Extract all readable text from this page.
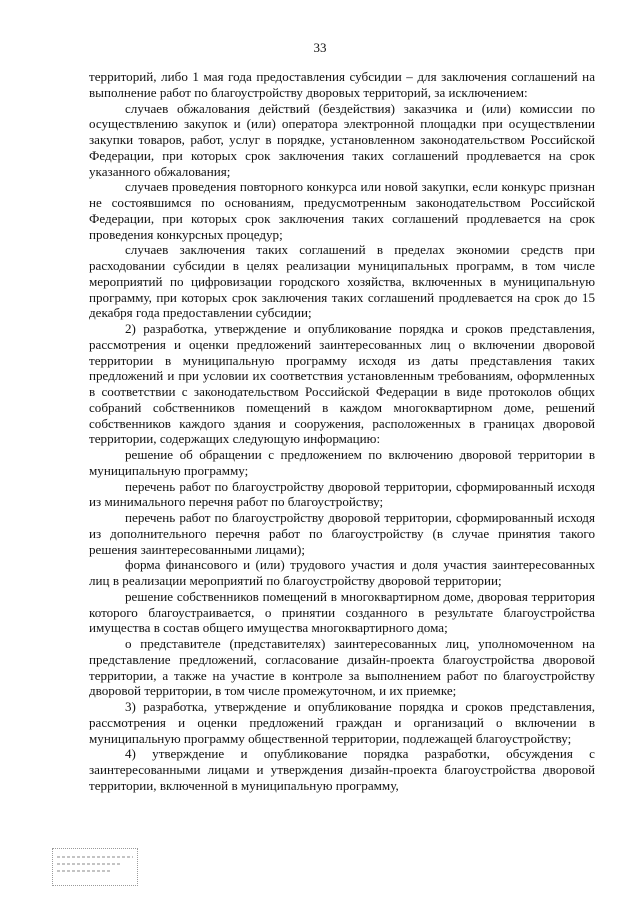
33

территорий, либо 1 мая года предоставления субсидии – для заключения соглашений на выполнение работ по благоустройству дворовых территорий, за исключением:

случаев обжалования действий (бездействия) заказчика и (или) комиссии по осуществлению закупок и (или) оператора электронной площадки при осуществлении закупки товаров, работ, услуг в порядке, установленном законодательством Российской Федерации, при которых срок заключения таких соглашений продлевается на срок указанного обжалования;

случаев проведения повторного конкурса или новой закупки, если конкурс признан не состоявшимся по основаниям, предусмотренным законодательством Российской Федерации, при которых срок заключения таких соглашений продлевается на срок проведения конкурсных процедур;

случаев заключения таких соглашений в пределах экономии средств при расходовании субсидии в целях реализации муниципальных программ, в том числе мероприятий по цифровизации городского хозяйства, включенных в муниципальную программу, при которых срок заключения таких соглашений продлевается на срок до 15 декабря года предоставлении субсидии;

2) разработка, утверждение и опубликование порядка и сроков представления, рассмотрения и оценки предложений заинтересованных лиц о включении дворовой территории в муниципальную программу исходя из даты представления таких предложений и при условии их соответствия установленным требованиям, оформленных в соответствии с законодательством Российской Федерации в виде протоколов общих собраний собственников помещений в каждом многоквартирном доме, решений собственников каждого здания и сооружения, расположенных в границах дворовой территории, содержащих следующую информацию:

решение об обращении с предложением по включению дворовой территории в муниципальную программу;

перечень работ по благоустройству дворовой территории, сформированный исходя из минимального перечня работ по благоустройству;

перечень работ по благоустройству дворовой территории, сформированный исходя из дополнительного перечня работ по благоустройству (в случае принятия такого решения заинтересованными лицами);

форма финансового и (или) трудового участия и доля участия заинтересованных лиц в реализации мероприятий по благоустройству дворовой территории;

решение собственников помещений в многоквартирном доме, дворовая территория которого благоустраивается, о принятии созданного в результате благоустройства имущества в состав общего имущества многоквартирного дома;

о представителе (представителях) заинтересованных лиц, уполномоченном на представление предложений, согласование дизайн-проекта благоустройства дворовой территории, а также на участие в контроле за выполнением работ по благоустройству дворовой территории, в том числе промежуточном, и их приемке;

3) разработка, утверждение и опубликование порядка и сроков представления, рассмотрения и оценки предложений граждан и организаций о включении в муниципальную программу общественной территории, подлежащей благоустройству;

4) утверждение и опубликование порядка разработки, обсуждения с заинтересованными лицами и утверждения дизайн-проекта благоустройства дворовой территории, включенной в муниципальную программу,
